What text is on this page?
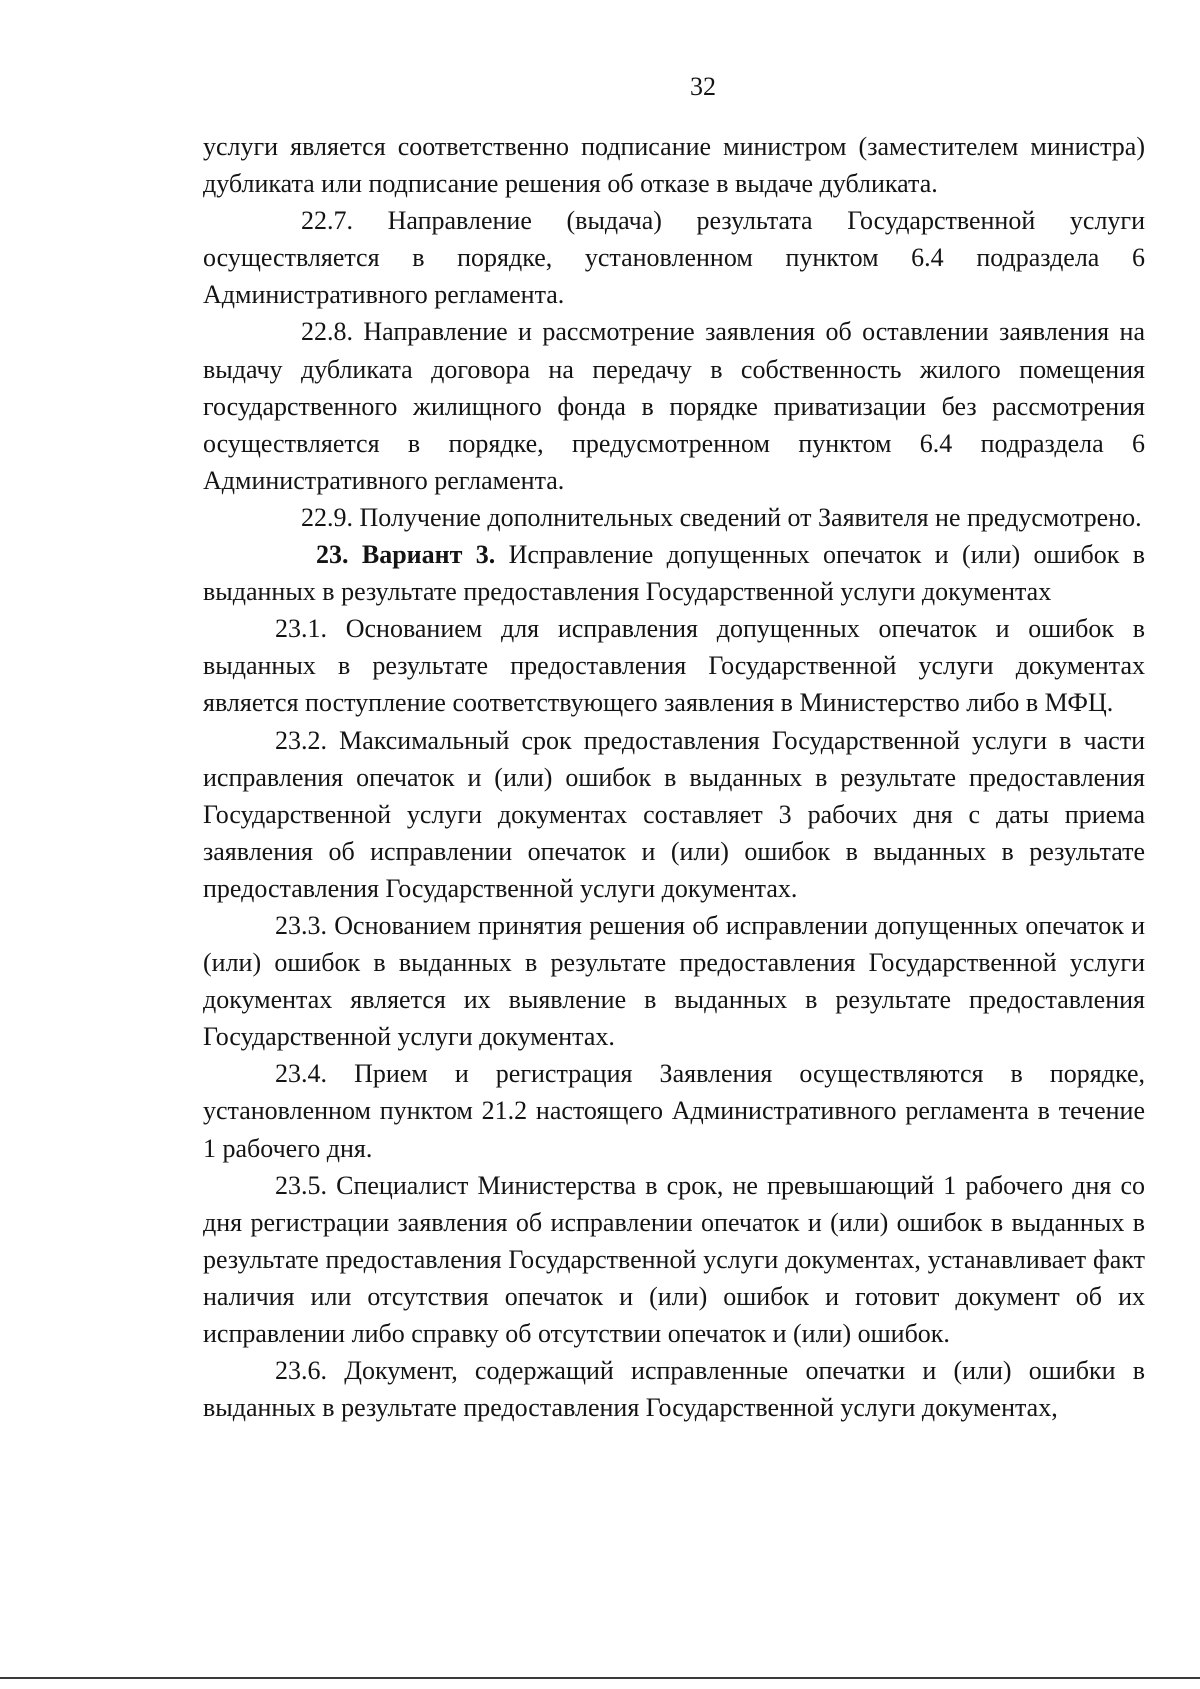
32

услуги является соответственно подписание министром (заместителем министра) дубликата или подписание решения об отказе в выдаче дубликата.

22.7. Направление (выдача) результата Государственной услуги осуществляется в порядке, установленном пунктом 6.4 подраздела 6 Административного регламента.

22.8. Направление и рассмотрение заявления об оставлении заявления на выдачу дубликата договора на передачу в собственность жилого помещения государственного жилищного фонда в порядке приватизации без рассмотрения осуществляется в порядке, предусмотренном пунктом 6.4 подраздела 6 Административного регламента.

22.9. Получение дополнительных сведений от Заявителя не предусмотрено.

23. Вариант 3. Исправление допущенных опечаток и (или) ошибок в выданных в результате предоставления Государственной услуги документах

23.1. Основанием для исправления допущенных опечаток и ошибок в выданных в результате предоставления Государственной услуги документах является поступление соответствующего заявления в Министерство либо в МФЦ.

23.2. Максимальный срок предоставления Государственной услуги в части исправления опечаток и (или) ошибок в выданных в результате предоставления Государственной услуги документах составляет 3 рабочих дня с даты приема заявления об исправлении опечаток и (или) ошибок в выданных в результате предоставления Государственной услуги документах.

23.3. Основанием принятия решения об исправлении допущенных опечаток и (или) ошибок в выданных в результате предоставления Государственной услуги документах является их выявление в выданных в результате предоставления Государственной услуги документах.

23.4. Прием и регистрация Заявления осуществляются в порядке, установленном пунктом 21.2 настоящего Административного регламента в течение 1 рабочего дня.

23.5. Специалист Министерства в срок, не превышающий 1 рабочего дня со дня регистрации заявления об исправлении опечаток и (или) ошибок в выданных в результате предоставления Государственной услуги документах, устанавливает факт наличия или отсутствия опечаток и (или) ошибок и готовит документ об их исправлении либо справку об отсутствии опечаток и (или) ошибок.

23.6. Документ, содержащий исправленные опечатки и (или) ошибки в выданных в результате предоставления Государственной услуги документах,
